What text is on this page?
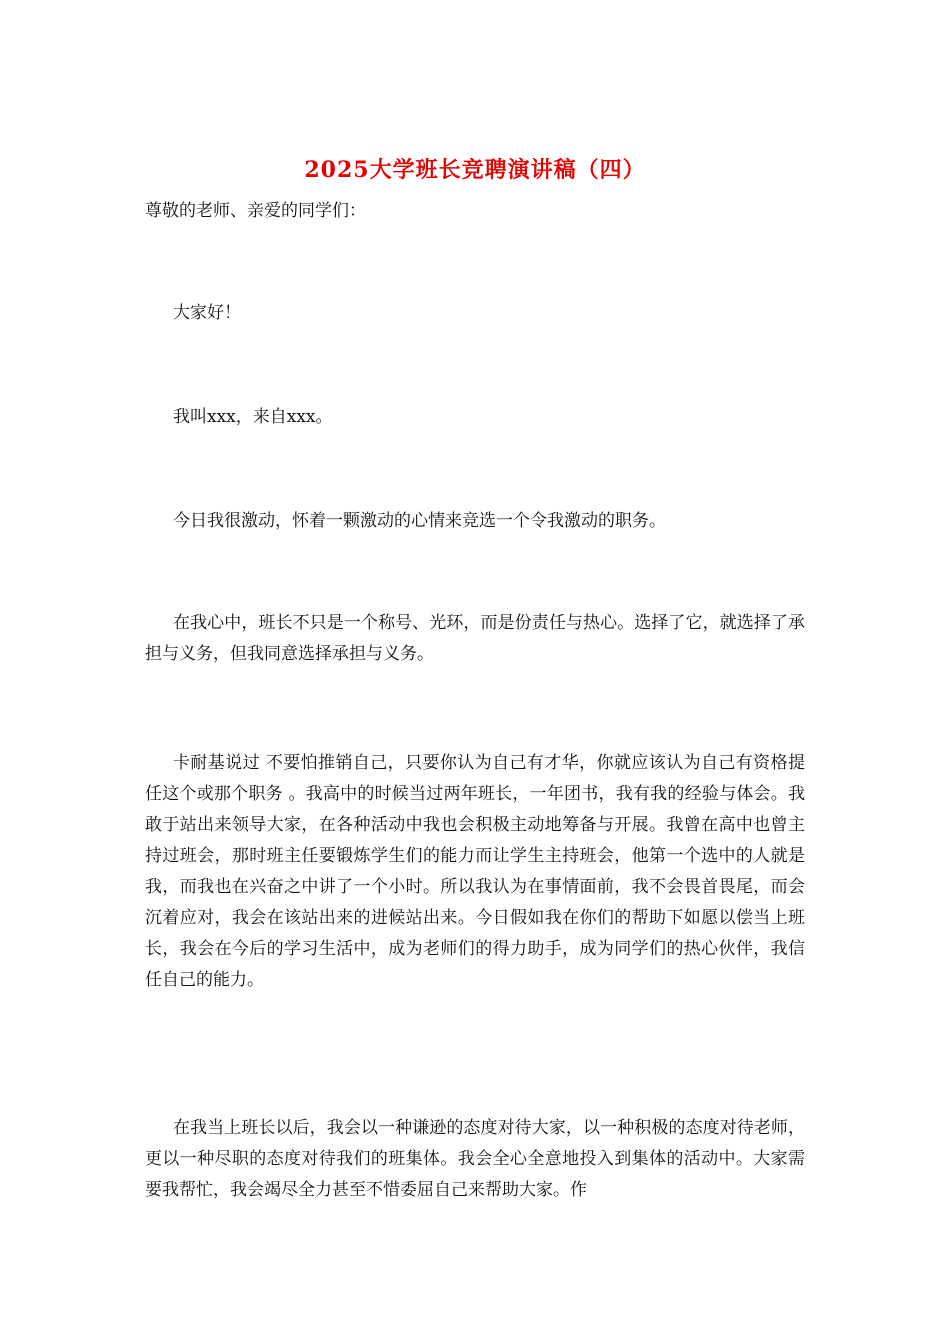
2025大学班长竞聘演讲稿（四）
尊敬的老师、亲爱的同学们：
大家好！
我叫xxx，来自xxx。
今日我很激动，怀着一颗激动的心情来竞选一个令我激动的职务。
在我心中，班长不只是一个称号、光环，而是份责任与热心。选择了它，就选择了承担与义务，但我同意选择承担与义务。
卡耐基说过 不要怕推销自己，只要你认为自己有才华，你就应该认为自己有资格提任这个或那个职务 。我高中的时候当过两年班长，一年团书，我有我的经验与体会。我敢于站出来领导大家，在各种活动中我也会积极主动地筹备与开展。我曾在高中也曾主持过班会，那时班主任要锻炼学生们的能力而让学生主持班会，他第一个选中的人就是我，而我也在兴奋之中讲了一个小时。所以我认为在事情面前，我不会畏首畏尾，而会沉着应对，我会在该站出来的进候站出来。今日假如我在你们的帮助下如愿以偿当上班长，我会在今后的学习生活中，成为老师们的得力助手，成为同学们的热心伙伴，我信任自己的能力。
在我当上班长以后，我会以一种谦逊的态度对待大家，以一种积极的态度对待老师，更以一种尽职的态度对待我们的班集体。我会全心全意地投入到集体的活动中。大家需要我帮忙，我会竭尽全力甚至不惜委屈自己来帮助大家。作
